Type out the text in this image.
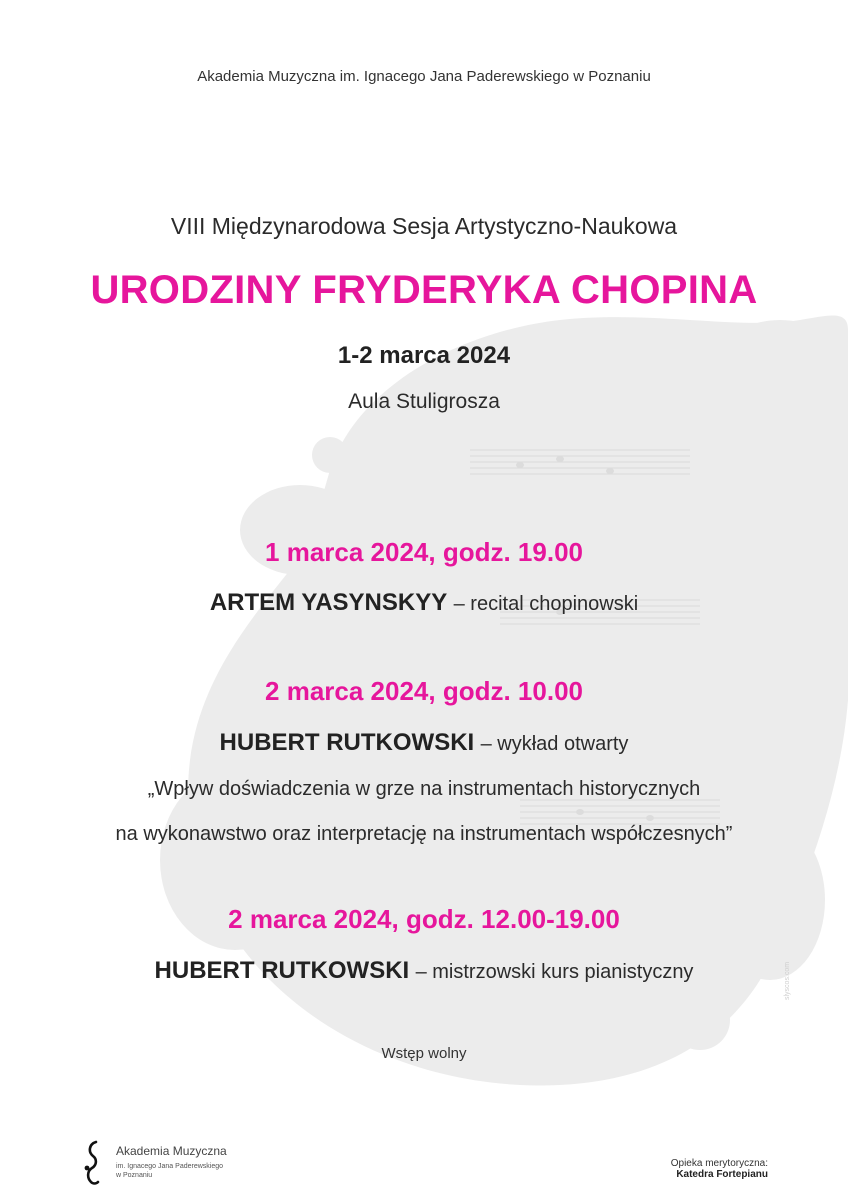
Akademia Muzyczna im. Ignacego Jana Paderewskiego w Poznaniu
VIII Międzynarodowa Sesja Artystyczno-Naukowa
URODZINY FRYDERYKA CHOPINA
1-2 marca 2024
Aula Stuligrosza
1 marca 2024, godz. 19.00
ARTEM YASYNSKYY – recital chopinowski
2 marca 2024, godz. 10.00
HUBERT RUTKOWSKI – wykład otwarty
„Wpływ doświadczenia w grze na instrumentach historycznych
na wykonawstwo oraz interpretację na instrumentach współczesnych”
2 marca 2024, godz. 12.00-19.00
HUBERT RUTKOWSKI – mistrzowski kurs pianistyczny
Wstęp wolny
Akademia Muzyczna
im. Ignacego Jana Paderewskiego
w Poznaniu
Opieka merytoryczna:
Katedra Fortepianu
slyscos.com
